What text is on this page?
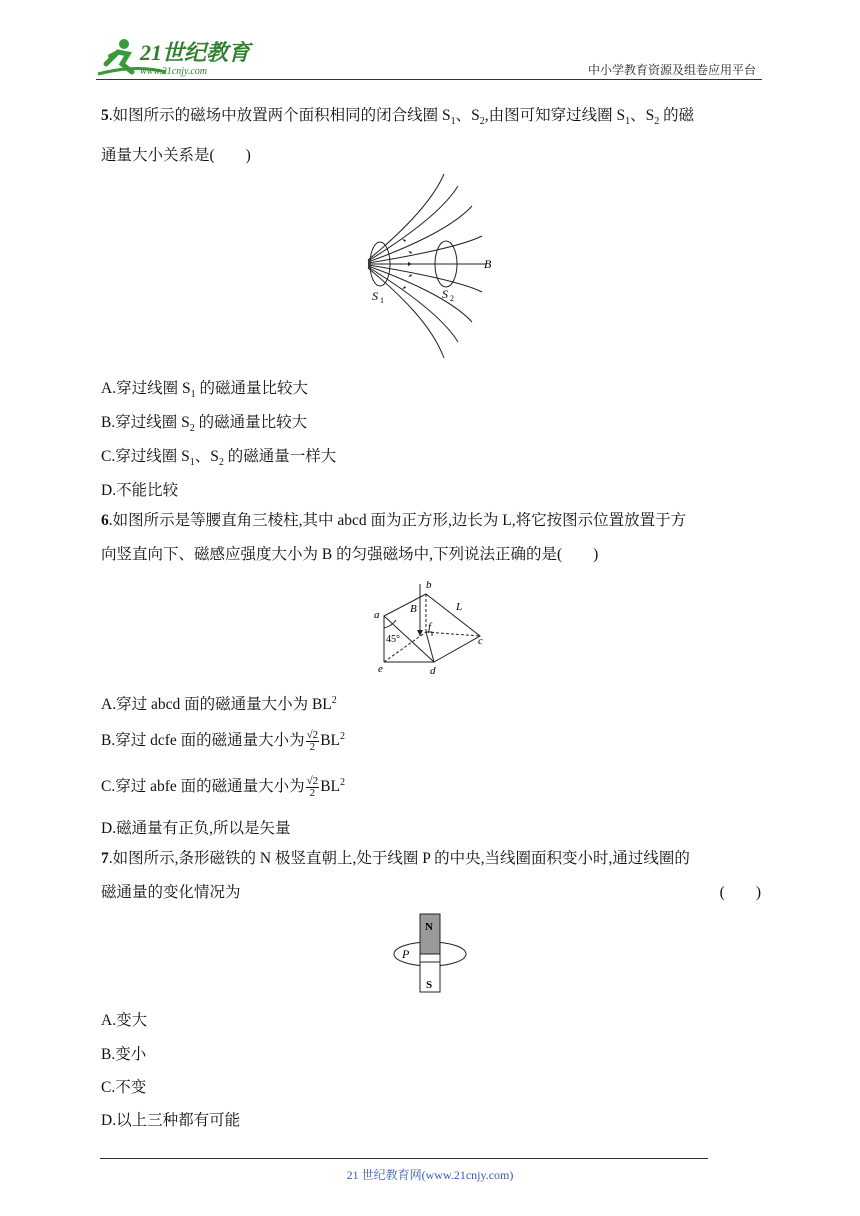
21世纪教育
www.21cnjy.com	中小学教育资源及组卷应用平台
5.如图所示的磁场中放置两个面积相同的闭合线圈 $S_1$、$S_2$,由图可知穿过线圈 $S_1$、$S_2$ 的磁
通量大小关系是(　　)
B
S 1	S 2
A.穿过线圈 $S_1$ 的磁通量比较大
B.穿过线圈 $S_2$ 的磁通量比较大
C.穿过线圈 $S_1$、$S_2$ 的磁通量一样大
D.不能比较
6.如图所示是等腰直角三棱柱,其中 abcd 面为正方形,边长为 L,将它按图示位置放置于方
向竖直向下、磁感应强度大小为 B 的匀强磁场中,下列说法正确的是(　　)
a
b
c
d
e
f
B	L
45°
A.穿过 abcd 面的磁通量大小为 $BL^2$
B.穿过 dcfe 面的磁通量大小为 $\frac{√2}{2} BL^2$
C.穿过 abfe 面的磁通量大小为 $\frac{√2}{2} BL^2$
D.磁通量有正负,所以是矢量
7.如图所示,条形磁铁的 N 极竖直朝上,处于线圈 P 的中央,当线圈面积变小时,通过线圈的
磁通量的变化情况为	(　　)
N
S
P
A.变大
B.变小
C.不变
D.以上三种都有可能
21 世纪教育网(www.21cnjy.com)
